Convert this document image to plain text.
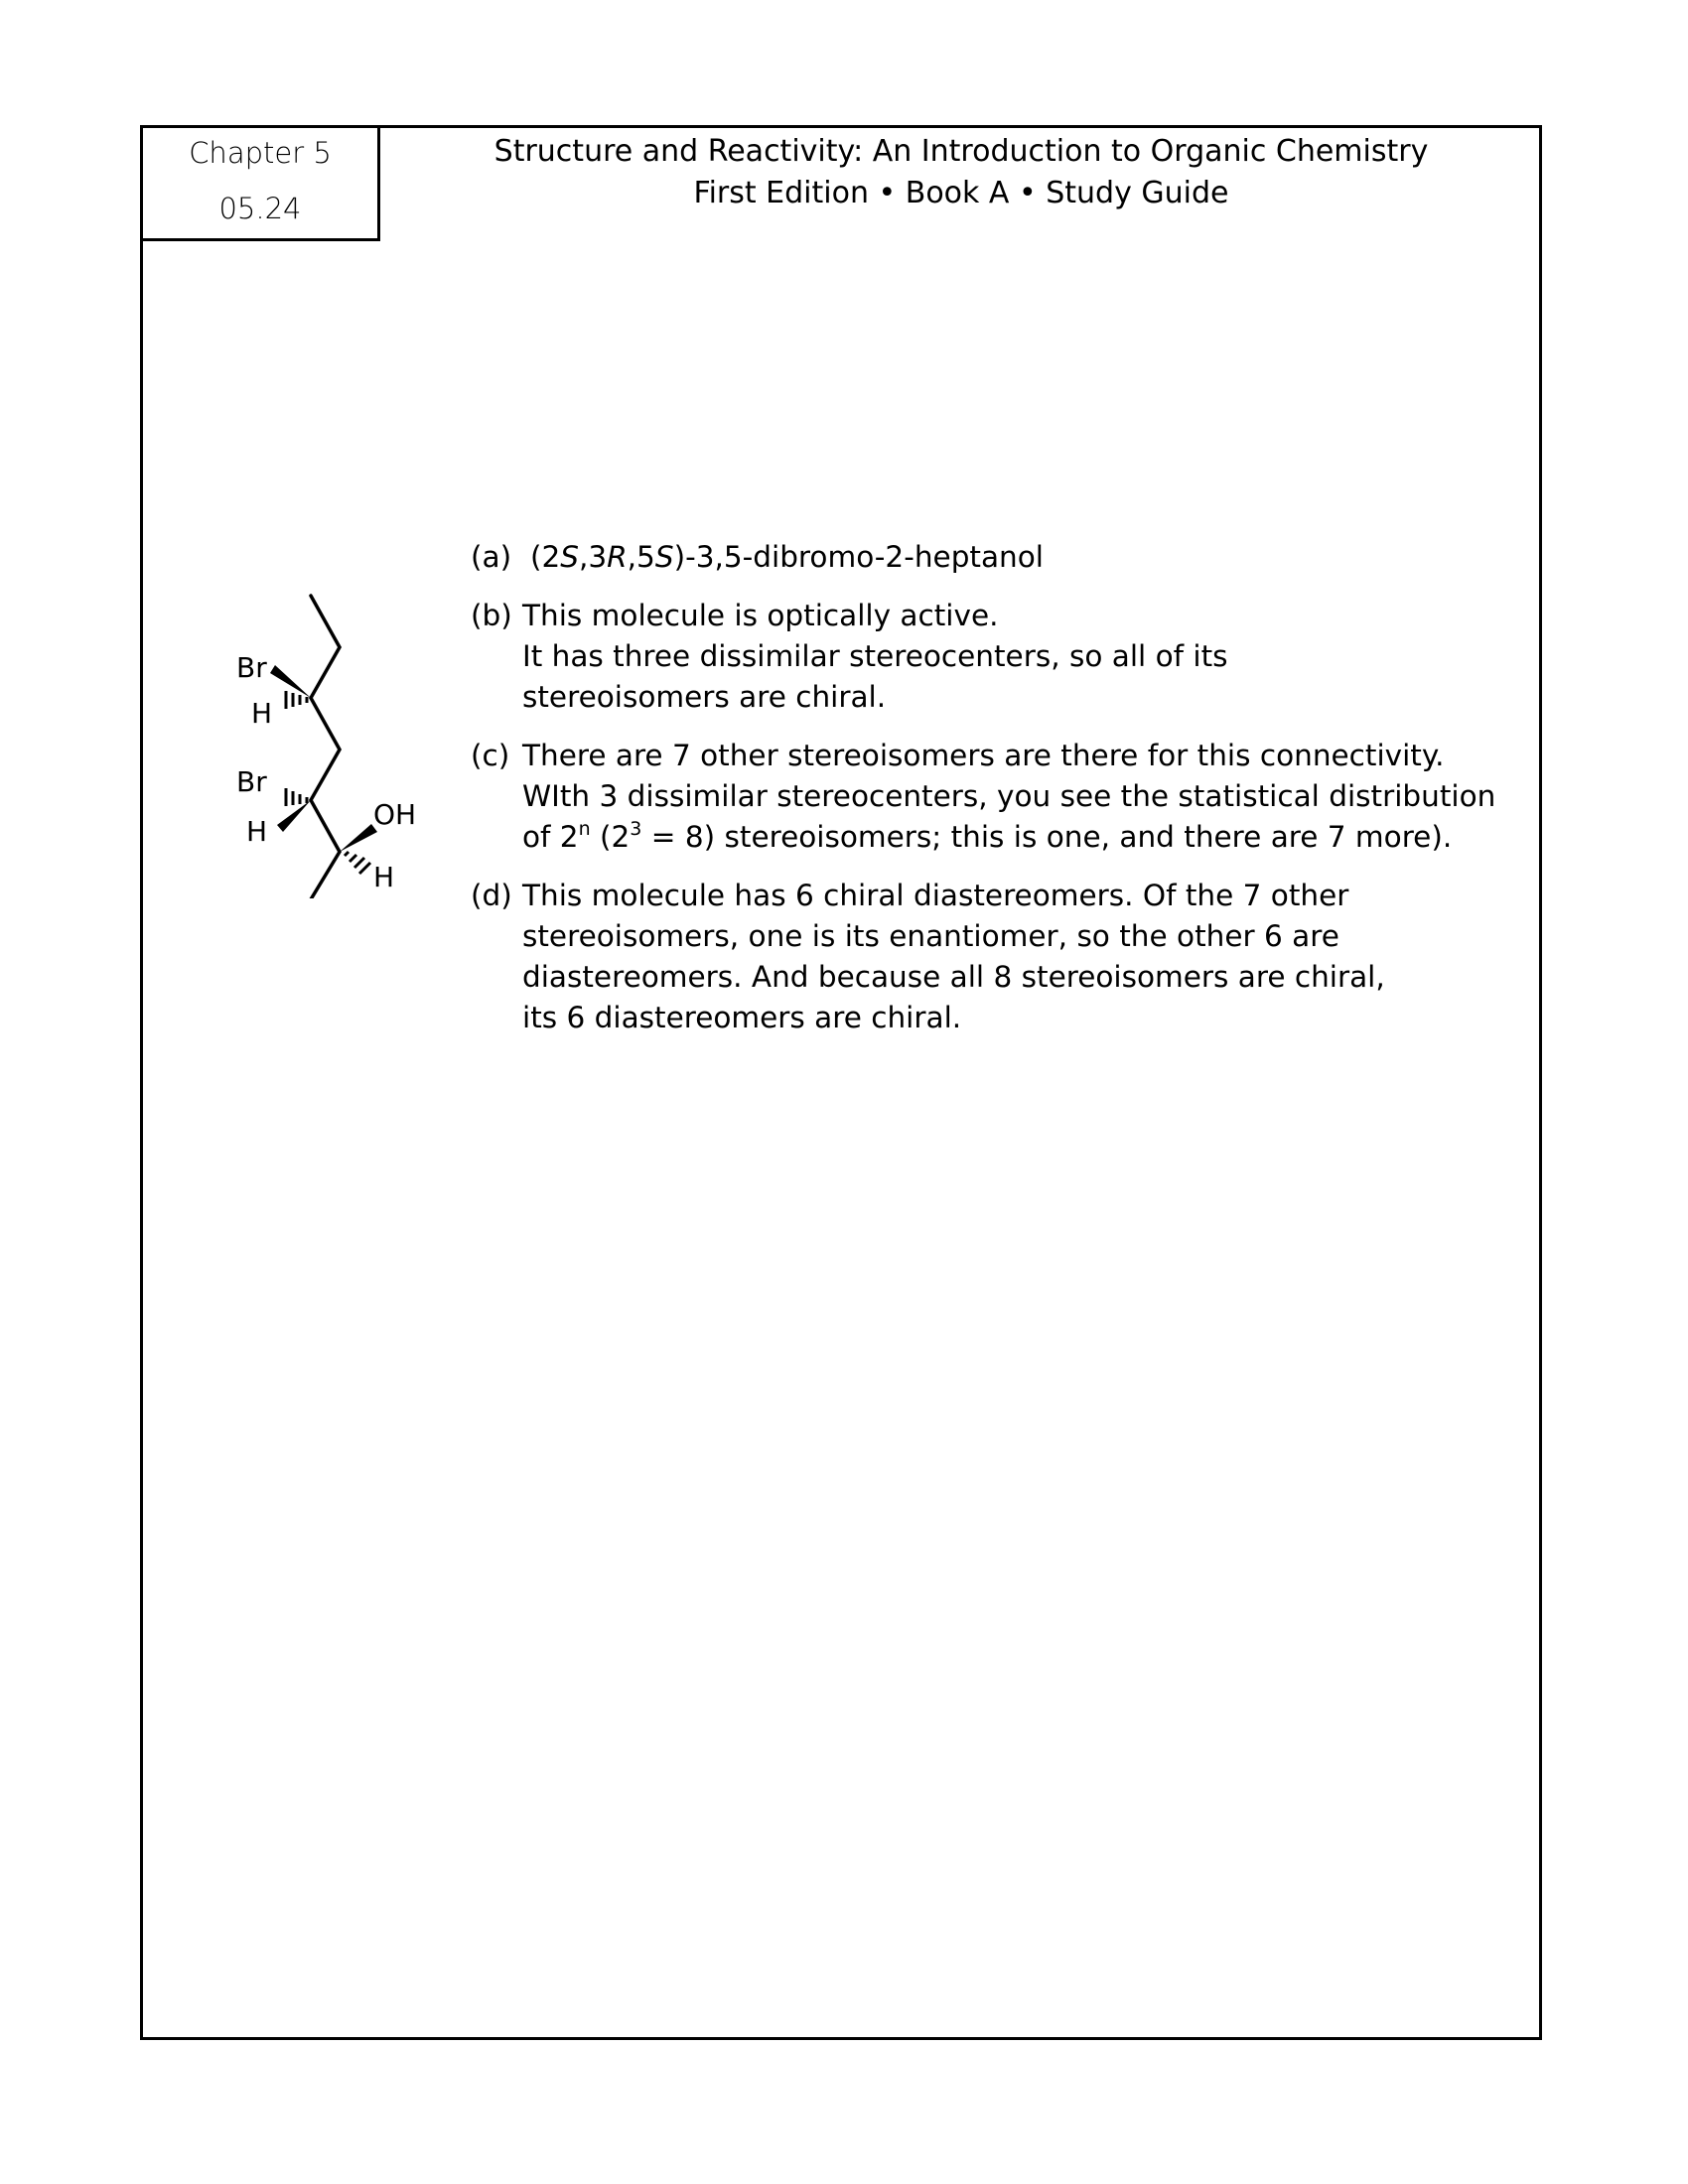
Chapter 5
05.24
Structure and Reactivity: An Introduction to Organic Chemistry
First Edition • Book A • Study Guide
Br
H
Br
H
OH
H
(a) (2S,3R,5S)-3,5-dibromo-2-heptanol
(b) This molecule is optically active.
It has three dissimilar stereocenters, so all of its
stereoisomers are chiral.
(c) There are 7 other stereoisomers are there for this connectivity.
WIth 3 dissimilar stereocenters, you see the statistical distribution
of 2$^n$ $(2^3 = 8)$ stereoisomers; this is one, and there are 7 more).
(d) This molecule has 6 chiral diastereomers. Of the 7 other
stereoisomers, one is its enantiomer, so the other 6 are
diastereomers. And because all 8 stereoisomers are chiral,
its 6 diastereomers are chiral.
